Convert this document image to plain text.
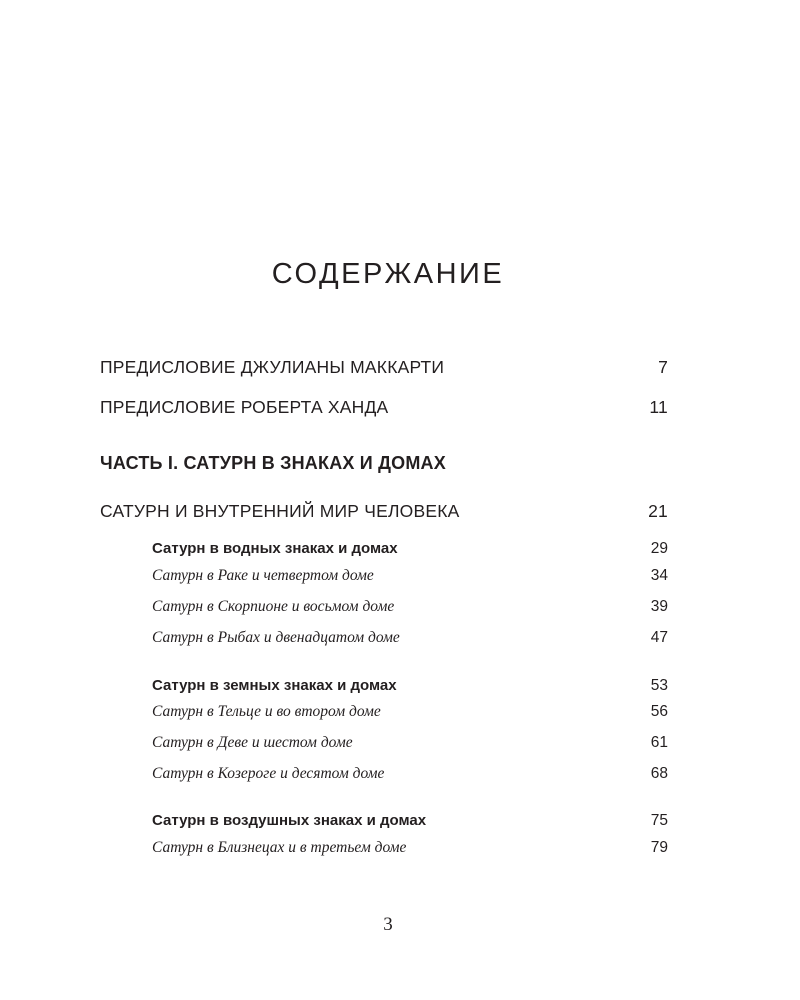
СОДЕРЖАНИЕ
ПРЕДИСЛОВИЕ ДЖУЛИАНЫ МАККАРТИ	7
ПРЕДИСЛОВИЕ РОБЕРТА ХАНДА	11
ЧАСТЬ I. САТУРН В ЗНАКАХ И ДОМАХ
САТУРН И ВНУТРЕННИЙ МИР ЧЕЛОВЕКА	21
Сатурн в водных знаках и домах	29
Сатурн в Раке и четвертом доме	34
Сатурн в Скорпионе и восьмом доме	39
Сатурн в Рыбах и двенадцатом доме	47
Сатурн в земных знаках и домах	53
Сатурн в Тельце и во втором доме	56
Сатурн в Деве и шестом доме	61
Сатурн в Козероге и десятом доме	68
Сатурн в воздушных знаках и домах	75
Сатурн в Близнецах и в третьем доме	79
3
